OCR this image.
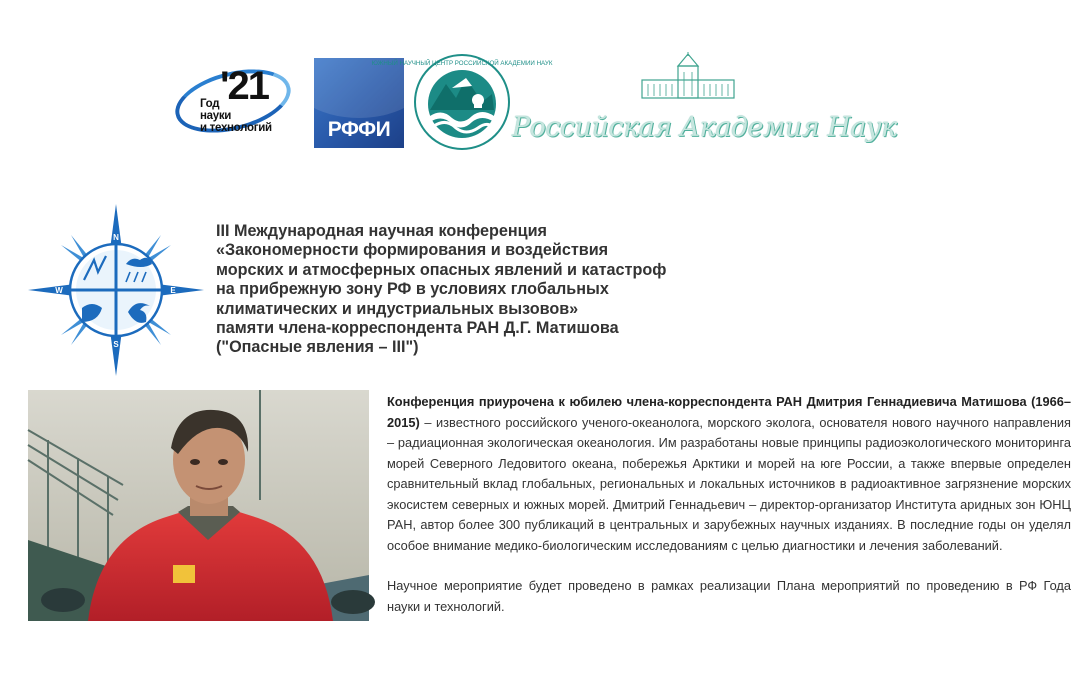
'21
Год
науки
и технологий	РФФИ
ЮЖНЫЙ НАУЧНЫЙ ЦЕНТР РОССИЙСКОЙ АКАДЕМИИ НАУК
Российская Академия Наук
N
S
W	E
III Международная научная конференция
«Закономерности формирования и воздействия
морских и атмосферных опасных явлений и катастроф
на прибрежную зону РФ в условиях глобальных
климатических и индустриальных вызовов»
памяти члена-корреспондента РАН Д.Г. Матишова
("Опасные явления – III")

Конференция приурочена к юбилею члена-корреспондента РАН Дмитрия Геннадиевича Матишова (1966–2015) – известного российского ученого-океанолога, морского эколога, основателя нового научного направления – радиационная экологическая океанология. Им разработаны новые принципы радиоэкологического мониторинга морей Северного Ледовитого океана, побережья Арктики и морей на юге России, а также впервые определен сравнительный вклад глобальных, региональных и локальных источников в радиоактивное загрязнение морских экосистем северных и южных морей. Дмитрий Геннадьевич – директор-организатор Института аридных зон ЮНЦ РАН, автор более 300 публикаций в центральных и зарубежных научных изданиях. В последние годы он уделял особое внимание медико-биологическим исследованиям с целью диагностики и лечения заболеваний.

Научное мероприятие будет проведено в рамках реализации Плана мероприятий по проведению в РФ Года науки и технологий.
